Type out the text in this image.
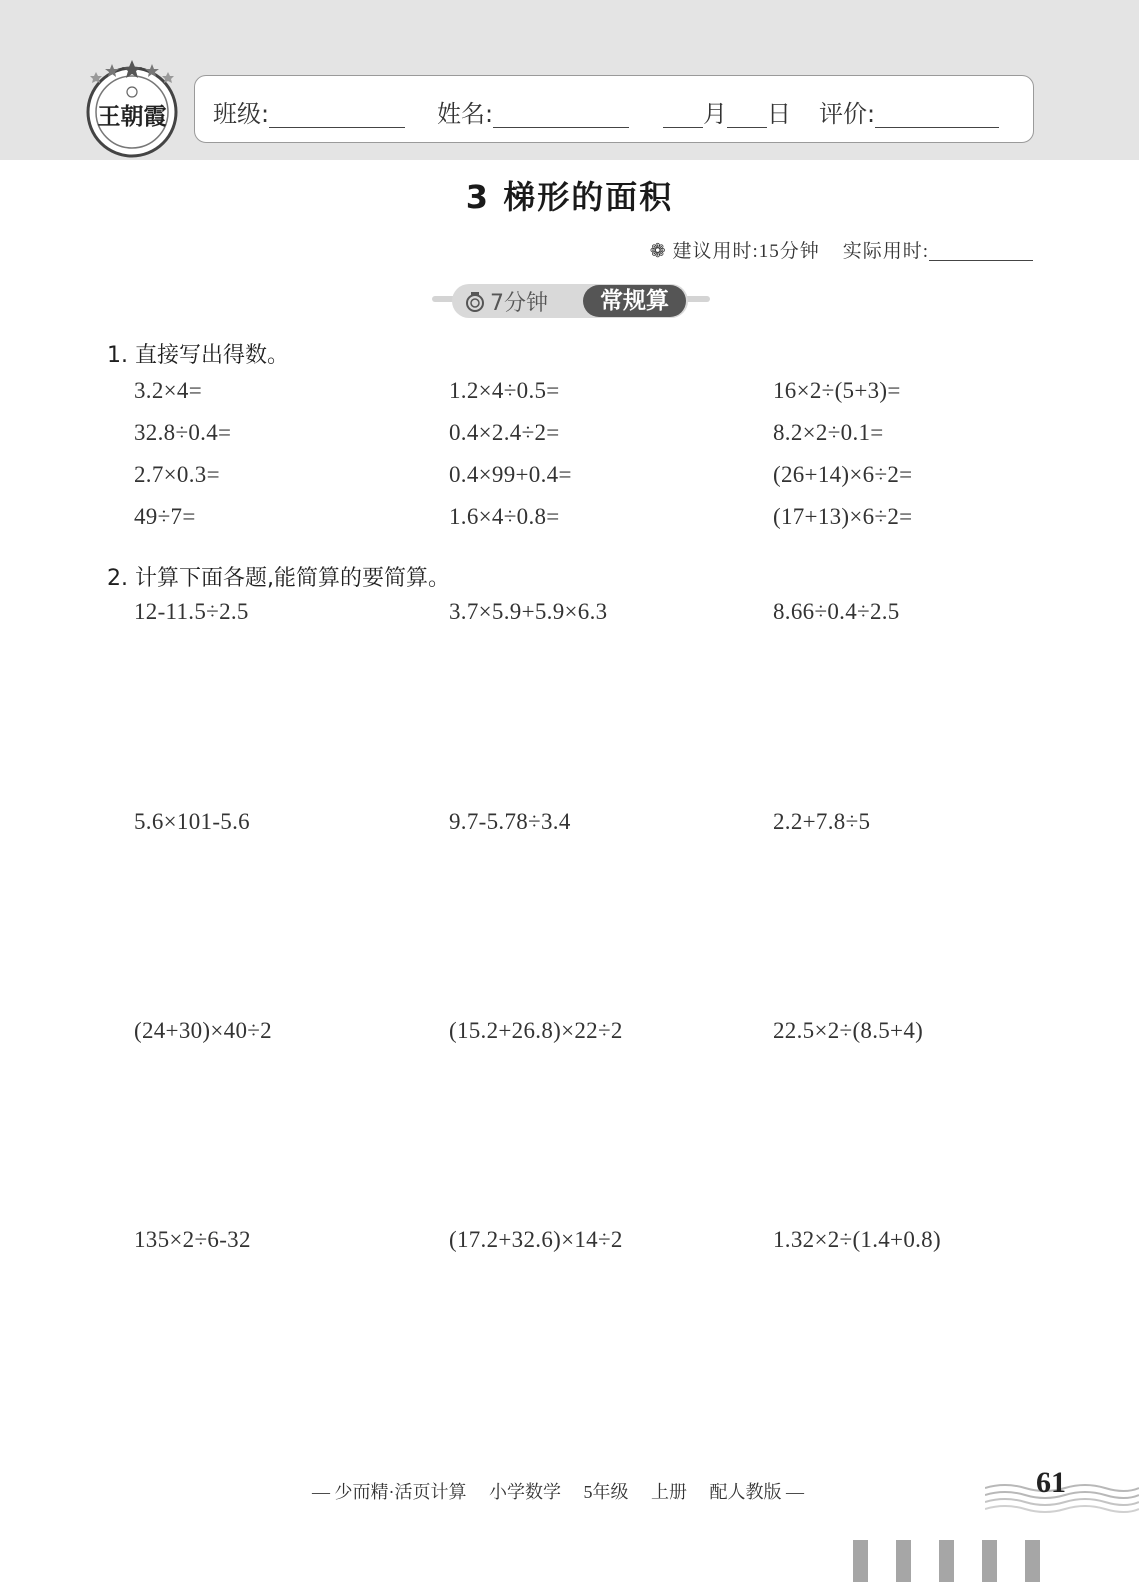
王朝霞 班级:	姓名:	月 日 评价:
3 梯形的面积
❁ 建议用时:15分钟 实际用时:
7分钟	常规算
1. 直接写出得数。
3.2×4=	1.2×4÷0.5=	16×2÷(5+3)=
32.8÷0.4=	0.4×2.4÷2=	8.2×2÷0.1=
2.7×0.3=	0.4×99+0.4=	(26+14)×6÷2=
49÷7=	1.6×4÷0.8=	(17+13)×6÷2=
2. 计算下面各题,能简算的要简算。
12-11.5÷2.5	3.7×5.9+5.9×6.3	8.66÷0.4÷2.5
5.6×101-5.6	9.7-5.78÷3.4	2.2+7.8÷5
(24+30)×40÷2	(15.2+26.8)×22÷2	22.5×2÷(8.5+4)
135×2÷6-32	(17.2+32.6)×14÷2	1.32×2÷(1.4+0.8)
— 少而精·活页计算 小学数学 5年级 上册 配人教版 —	61
